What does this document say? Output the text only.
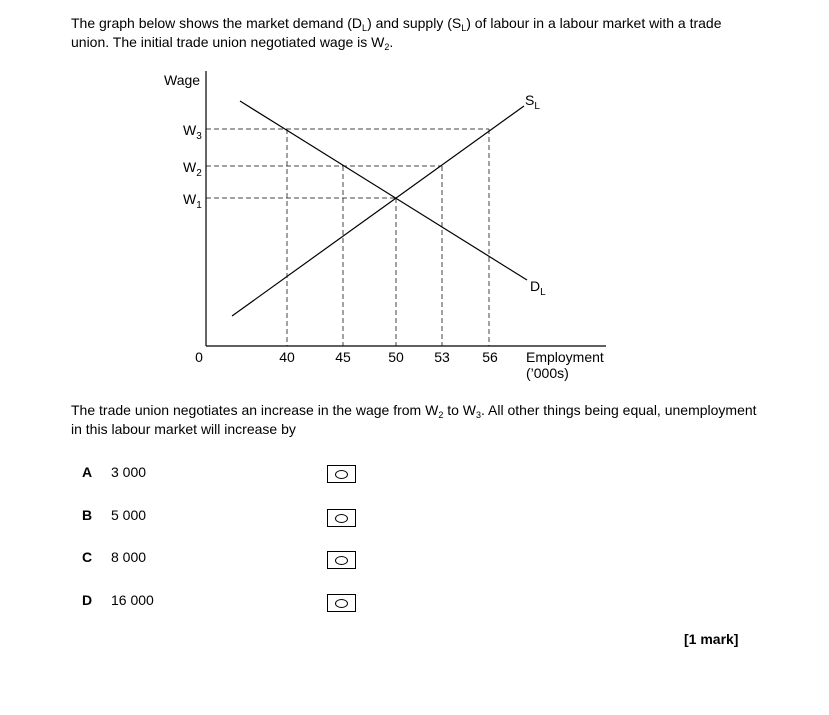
The graph below shows the market demand $(D_L)$ and supply $(S_L)$ of labour in a labour market with a trade union. The initial trade union negotiated wage is $W_2$.

Wage
$W_3$
$W_2$
$W_1$
0	40	45	50 53 56 Employment
(’000s)
$S_L$
$D_L$

The trade union negotiates an increase in the wage from $W_2$ to $W_3$. All other things being equal, unemployment in this labour market will increase by

A 3 000
B 5 000
C 8 000
D 16 000
[1 mark]
